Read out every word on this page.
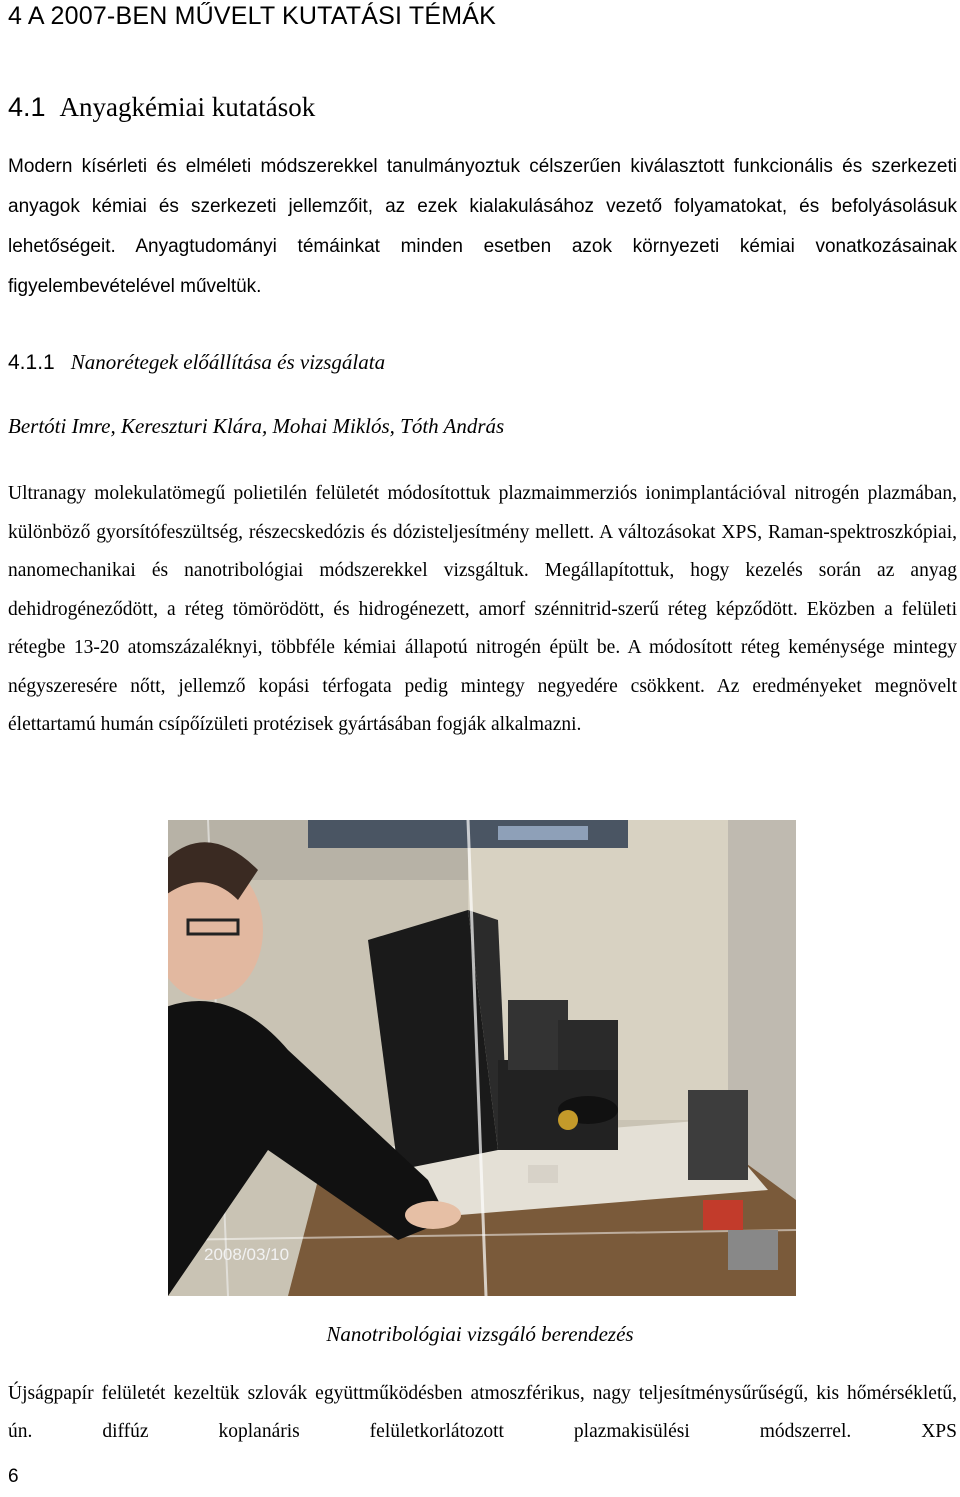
4 A 2007-BEN MŰVELT KUTATÁSI TÉMÁK
4.1 Anyagkémiai kutatások
Modern kísérleti és elméleti módszerekkel tanulmányoztuk célszerűen kiválasztott funkcionális és szerkezeti anyagok kémiai és szerkezeti jellemzőit, az ezek kialakulásához vezető folyamatokat, és befolyásolásuk lehetőségeit. Anyagtudományi témáinkat minden esetben azok környezeti kémiai vonatkozásainak figyelembevételével műveltük.
4.1.1 Nanorétegek előállítása és vizsgálata
Bertóti Imre, Kereszturi Klára, Mohai Miklós, Tóth András
Ultranagy molekulatömegű polietilén felületét módosítottuk plazmaimmerziós ionimplantációval nitrogén plazmában, különböző gyorsítófeszültség, részecskedózis és dózisteljesítmény mellett. A változásokat XPS, Raman-spektroszkópiai, nanomechanikai és nanotribológiai módszerekkel vizsgáltuk. Megállapítottuk, hogy kezelés során az anyag dehidrogéneződött, a réteg tömörödött, és hidrogénezett, amorf szénnitrid-szerű réteg képződött. Eközben a felületi rétegbe 13-20 atomszázaléknyi, többféle kémiai állapotú nitrogén épült be. A módosított réteg keménysége mintegy négyszeresére nőtt, jellemző kopási térfogata pedig mintegy negyedére csökkent. Az eredményeket megnövelt élettartamú humán csípőízületi protézisek gyártásában fogják alkalmazni.
2008/03/10
Nanotribológiai vizsgáló berendezés
Újságpapír felületét kezeltük szlovák együttműködésben atmoszférikus, nagy teljesítménysűrűségű, kis hőmérsékletű, ún. diffúz koplanáris felületkorlátozott plazmakisülési módszerrel. XPS
6
